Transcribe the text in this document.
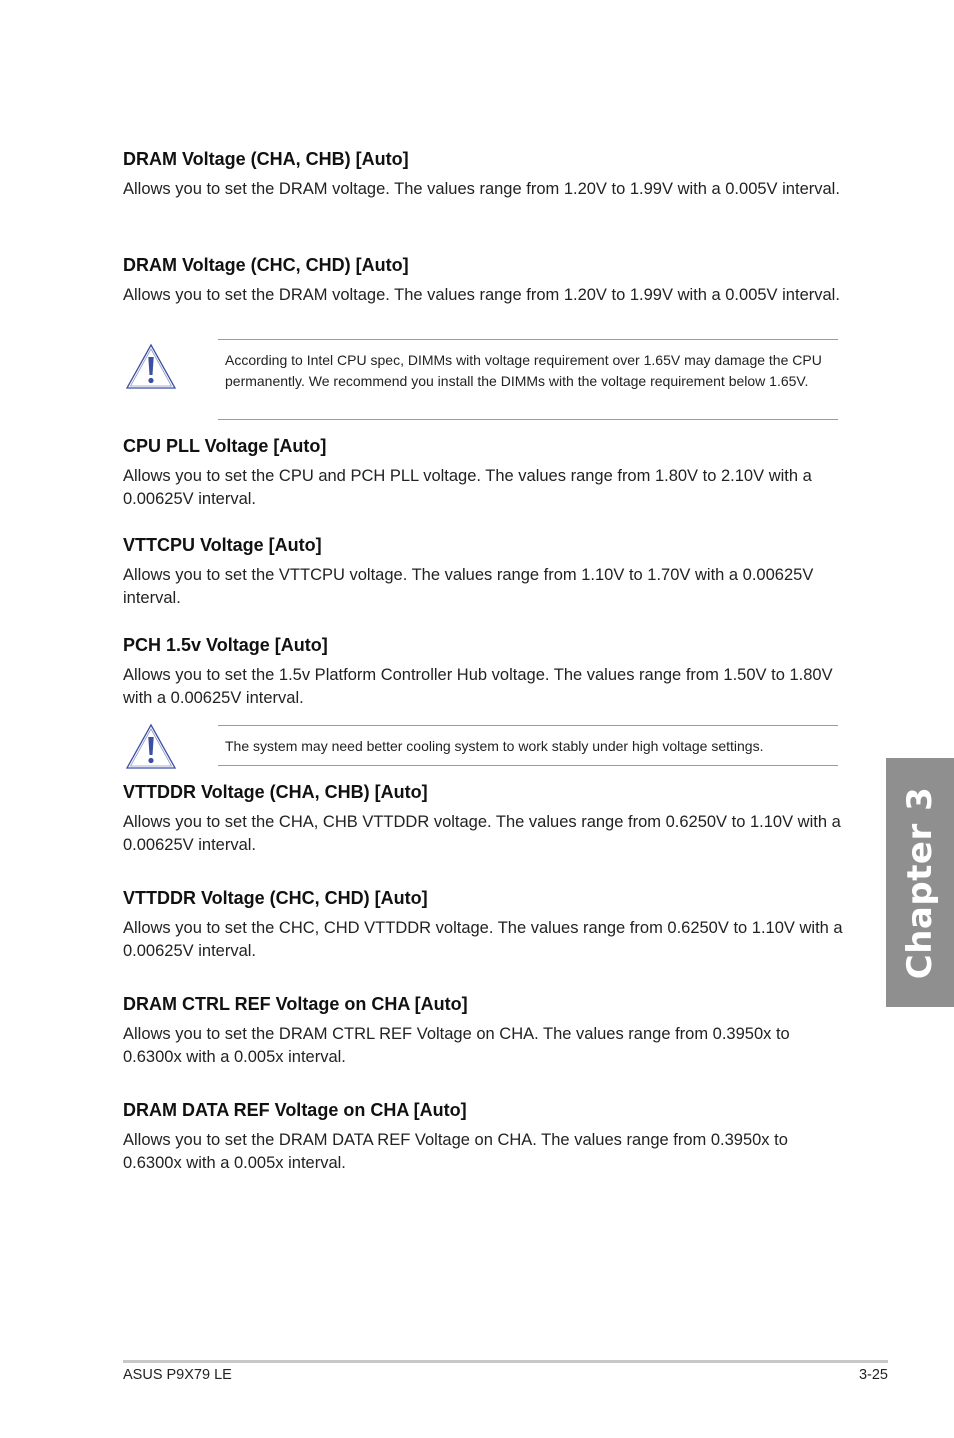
DRAM Voltage (CHA, CHB) [Auto]
Allows you to set the DRAM voltage. The values range from 1.20V to 1.99V with a 0.005V interval.
DRAM Voltage (CHC, CHD) [Auto]
Allows you to set the DRAM voltage. The values range from 1.20V to 1.99V with a 0.005V interval.
According to Intel CPU spec, DIMMs with voltage requirement over 1.65V may damage the CPU permanently. We recommend you install the DIMMs with the voltage requirement below 1.65V.
CPU PLL Voltage [Auto]
Allows you to set the CPU and PCH PLL voltage. The values range from 1.80V to 2.10V with a 0.00625V interval.
VTTCPU Voltage [Auto]
Allows you to set the VTTCPU voltage. The values range from 1.10V to 1.70V with a 0.00625V interval.
PCH 1.5v Voltage [Auto]
Allows you to set the 1.5v Platform Controller Hub voltage. The values range from 1.50V to 1.80V with a 0.00625V interval.
The system may need better cooling system to work stably under high voltage settings.
VTTDDR Voltage (CHA, CHB) [Auto]
Allows you to set the CHA, CHB VTTDDR voltage. The values range from 0.6250V to 1.10V with a 0.00625V interval.
VTTDDR Voltage (CHC, CHD) [Auto]
Allows you to set the CHC, CHD VTTDDR voltage. The values range from 0.6250V to 1.10V with a 0.00625V interval.
DRAM CTRL REF Voltage on CHA [Auto]
Allows you to set the DRAM CTRL REF Voltage on CHA. The values range from 0.3950x to 0.6300x with a 0.005x interval.
DRAM DATA REF Voltage on CHA [Auto]
Allows you to set the DRAM DATA REF Voltage on CHA. The values range from 0.3950x to 0.6300x with a 0.005x interval.
Chapter 3
ASUS P9X79 LE	3-25
